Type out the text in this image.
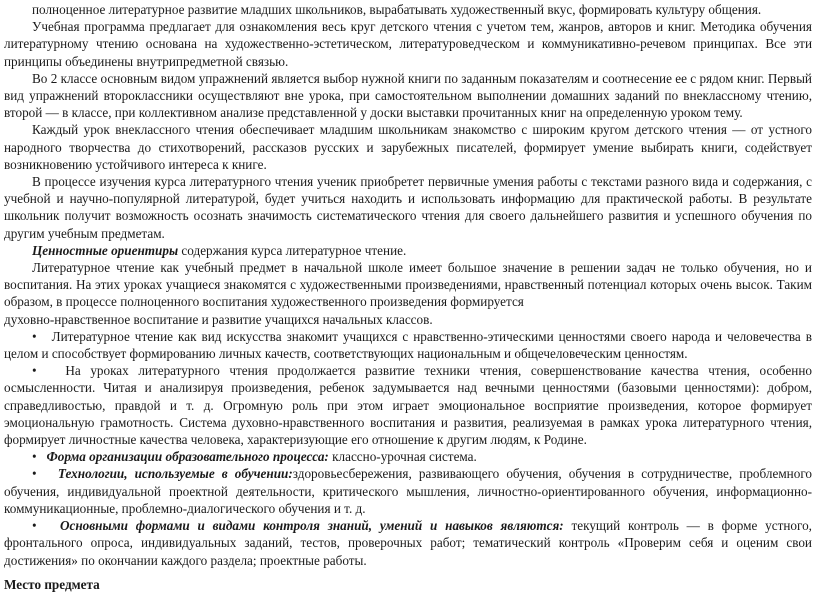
полноценное литературное развитие младших школьников, вырабатывать художественный вкус, формировать культуру общения.

Учебная программа предлагает для ознакомления весь круг детского чтения с учетом тем, жанров, авторов и книг. Методика обучения литературному чтению основана на художественно-эстетическом, литературоведческом и коммуникативно-речевом принципах. Все эти принципы объединены внутрипредметной связью.

Во 2 классе основным видом упражнений является выбор нужной книги по заданным показателям и соотнесение ее с рядом книг. Первый вид упражнений второклассники осуществляют вне урока, при самостоятельном выполнении домашних заданий по внеклассному чтению, второй — в классе, при коллективном анализе представленной у доски выставки прочитанных книг на определенную уроком тему.

Каждый урок внеклассного чтения обеспечивает младшим школьникам знакомство с широким кругом детского чтения — от устного народного творчества до стихотворений, рассказов русских и зарубежных писателей, формирует умение выбирать книги, содействует возникновению устойчивого интереса к книге.

В процессе изучения курса литературного чтения ученик приобретет первичные умения работы с текстами разного вида и содержания, с учебной и научно-популярной литературой, будет учиться находить и использовать информацию для практической работы. В результате школьник получит возможность осознать значимость систематического чтения для своего дальнейшего развития и успешного обучения по другим учебным предметам.

Ценностные ориентиры содержания курса литературное чтение.

Литературное чтение как учебный предмет в начальной школе имеет большое значение в решении задач не только обучения, но и воспитания. На этих уроках учащиеся знакомятся с художественными произведениями, нравственный потенциал которых очень высок. Таким образом, в процессе полноценного воспитания художественного произведения формируется

духовно-нравственное воспитание и развитие учащихся начальных классов.

• Литературное чтение как вид искусства знакомит учащихся с нравственно-этическими ценностями своего народа и человечества в целом и способствует формированию личных качеств, соответствующих национальным и общечеловеческим ценностям.

• На уроках литературного чтения продолжается развитие техники чтения, совершенствование качества чтения, особенно осмысленности. Читая и анализируя произведения, ребенок задумывается над вечными ценностями (базовыми ценностями): добром, справедливостью, правдой и т. д. Огромную роль при этом играет эмоциональное восприятие произведения, которое формирует эмоциональную грамотность. Система духовно-нравственного воспитания и развития, реализуемая в рамках урока литературного чтения, формирует личностные качества человека, характеризующие его отношение к другим людям, к Родине.

• Форма организации образовательного процесса: классно-урочная система.

• Технологии, используемые в обучении:здоровьесбережения, развивающего обучения, обучения в сотрудничестве, проблемного обучения, индивидуальной проектной деятельности, критического мышления, личностно-ориентированного обучения, информационно-коммуникационные, проблемно-диалогического обучения и т. д.

• Основными формами и видами контроля знаний, умений и навыков являются: текущий контроль — в форме устного, фронтального опроса, индивидуальных заданий, тестов, проверочных работ; тематический контроль «Проверим себя и оценим свои достижения» по окончании каждого раздела; проектные работы.

Место предмета
